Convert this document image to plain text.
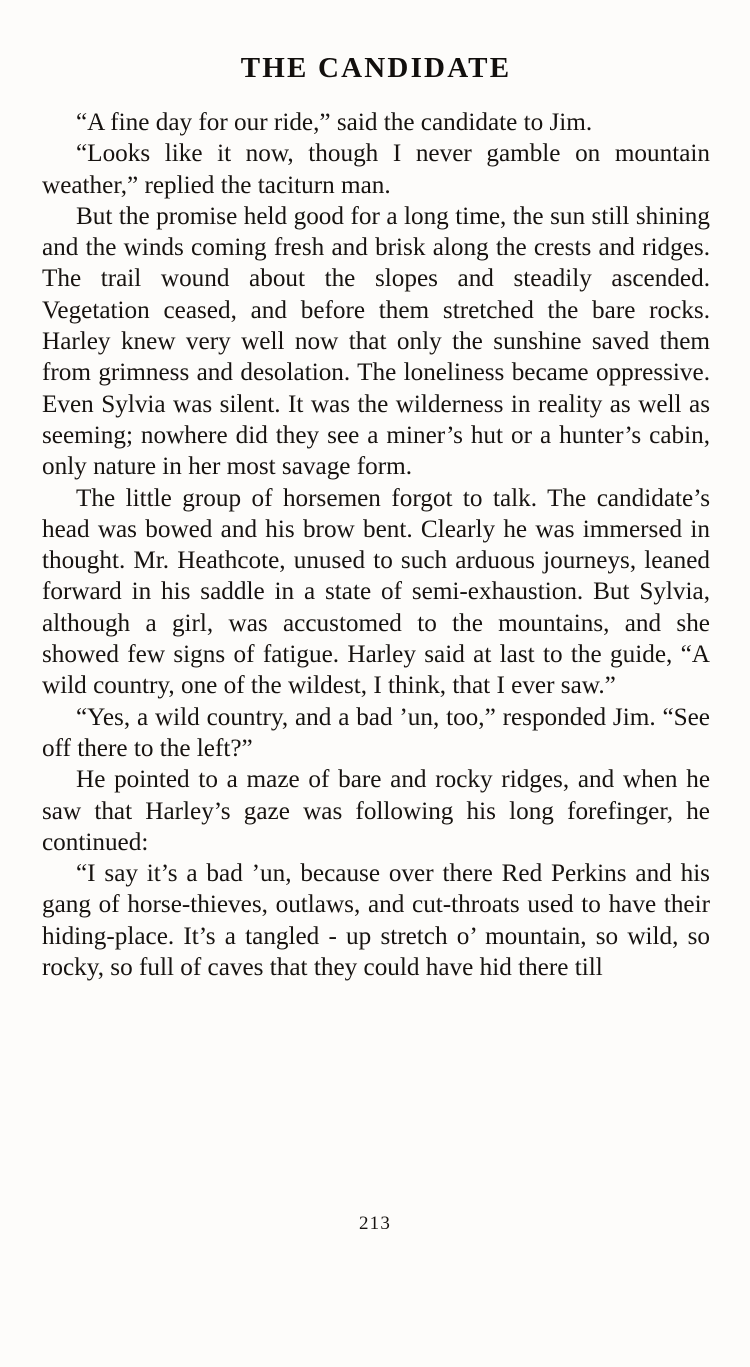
THE CANDIDATE

“A fine day for our ride,” said the candidate to Jim.

“Looks like it now, though I never gamble on mountain weather,” replied the taciturn man.

But the promise held good for a long time, the sun still shining and the winds coming fresh and brisk along the crests and ridges. The trail wound about the slopes and steadily ascended. Vegetation ceased, and before them stretched the bare rocks. Harley knew very well now that only the sunshine saved them from grimness and desolation. The loneliness became oppressive. Even Sylvia was silent. It was the wilderness in reality as well as seeming; nowhere did they see a miner’s hut or a hunter’s cabin, only nature in her most savage form.

The little group of horsemen forgot to talk. The candidate’s head was bowed and his brow bent. Clearly he was immersed in thought. Mr. Heathcote, unused to such arduous journeys, leaned forward in his saddle in a state of semi-exhaustion. But Sylvia, although a girl, was accustomed to the mountains, and she showed few signs of fatigue. Harley said at last to the guide, “A wild country, one of the wildest, I think, that I ever saw.”

“Yes, a wild country, and a bad ’un, too,” responded Jim. “See off there to the left?”

He pointed to a maze of bare and rocky ridges, and when he saw that Harley’s gaze was following his long forefinger, he continued:

“I say it’s a bad ’un, because over there Red Perkins and his gang of horse-thieves, outlaws, and cut-throats used to have their hiding-place. It’s a tangled - up stretch o’ mountain, so wild, so rocky, so full of caves that they could have hid there till

213
